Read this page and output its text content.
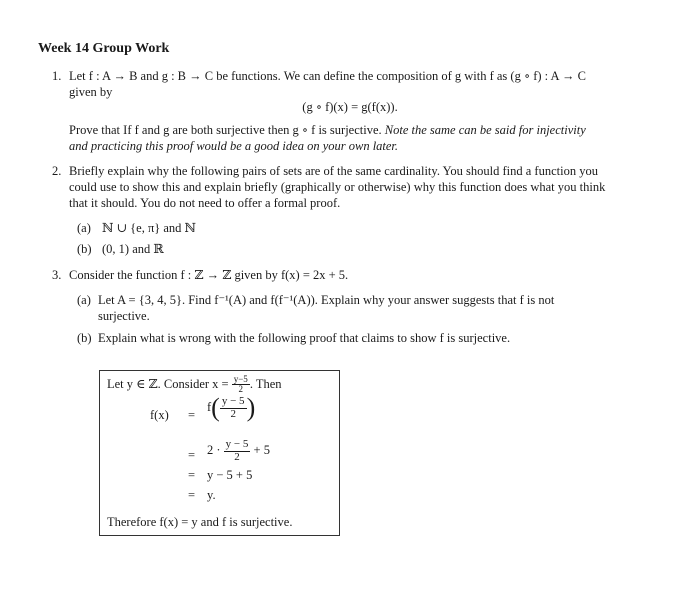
Week 14 Group Work
1. Let f : A → B and g : B → C be functions. We can define the composition of g with f as (g ∘ f) : A → C
given by
(g ∘ f)(x) = g(f(x)).
Prove that If f and g are both surjective then g ∘ f is surjective. Note the same can be said for injectivity
and practicing this proof would be a good idea on your own later.
2. Briefly explain why the following pairs of sets are of the same cardinality. You should find a function you
could use to show this and explain briefly (graphically or otherwise) why this function does what you think
that it should. You do not need to offer a formal proof.
(a) ℕ ∪ {e, π} and ℕ
(b) (0, 1) and ℝ
3. Consider the function f : ℤ → ℤ given by f(x) = 2x + 5.
(a) Let A = {3, 4, 5}. Find f⁻¹(A) and f(f⁻¹(A)). Explain why your answer suggests that f is not
surjective.
(b) Explain what is wrong with the following proof that claims to show f is surjective.
Let y ∈ ℤ. Consider $x = \frac{y-5}{2}$ . Then
f(x) =
$f( \frac{y - 5}{2}$ )
= $2 \cdot \frac{y - 5}{2} + 5$
= y − 5 + 5
= y.
Therefore f(x) = y and f is surjective.
